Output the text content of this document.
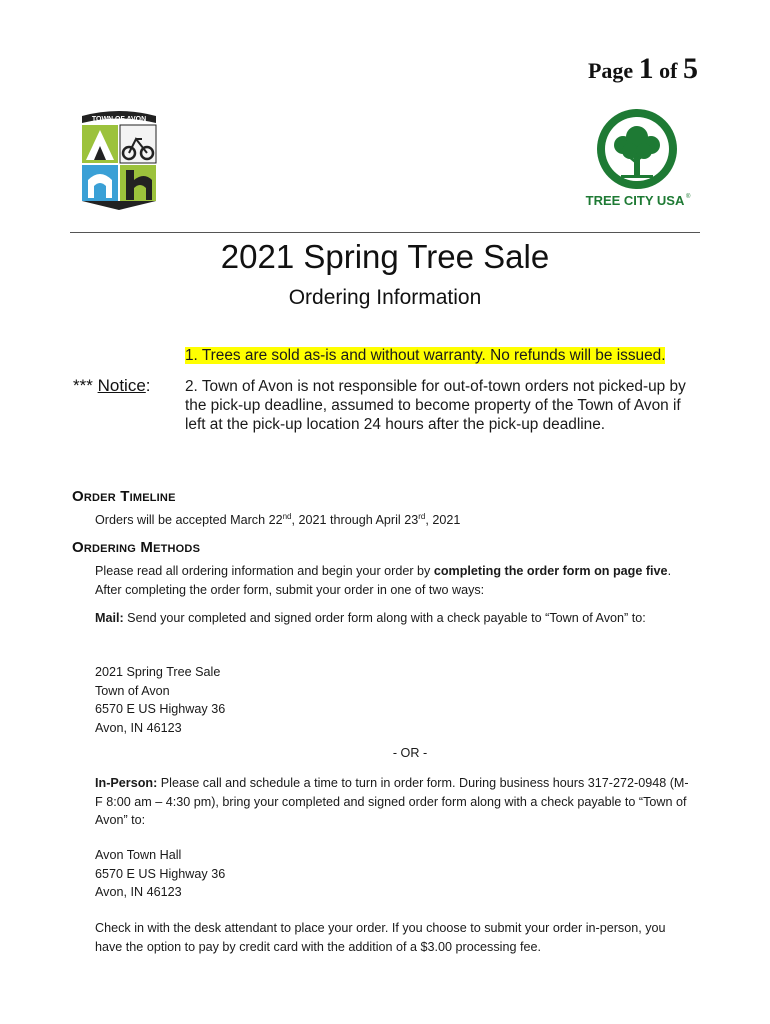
Page 1 of 5
TOWN OF AVON
TREE CITY USA ®
2021 Spring Tree Sale
Ordering Information
*** Notice:
1. Trees are sold as-is and without warranty. No refunds will be issued.
2. Town of Avon is not responsible for out-of-town orders not picked-up by the pick-up deadline, assumed to become property of the Town of Avon if left at the pick-up location 24 hours after the pick-up deadline.
ORDER TIMELINE
Orders will be accepted March 22nd, 2021 through April 23rd, 2021
ORDERING METHODS
Please read all ordering information and begin your order by completing the order form on page five. After completing the order form, submit your order in one of two ways:
Mail: Send your completed and signed order form along with a check payable to “Town of Avon” to:
2021 Spring Tree Sale
Town of Avon
6570 E US Highway 36
Avon, IN 46123
- OR -
In-Person: Please call and schedule a time to turn in order form. During business hours 317-272-0948 (M-F 8:00 am – 4:30 pm), bring your completed and signed order form along with a check payable to “Town of Avon” to:
Avon Town Hall
6570 E US Highway 36
Avon, IN 46123
Check in with the desk attendant to place your order. If you choose to submit your order in-person, you have the option to pay by credit card with the addition of a $3.00 processing fee.
